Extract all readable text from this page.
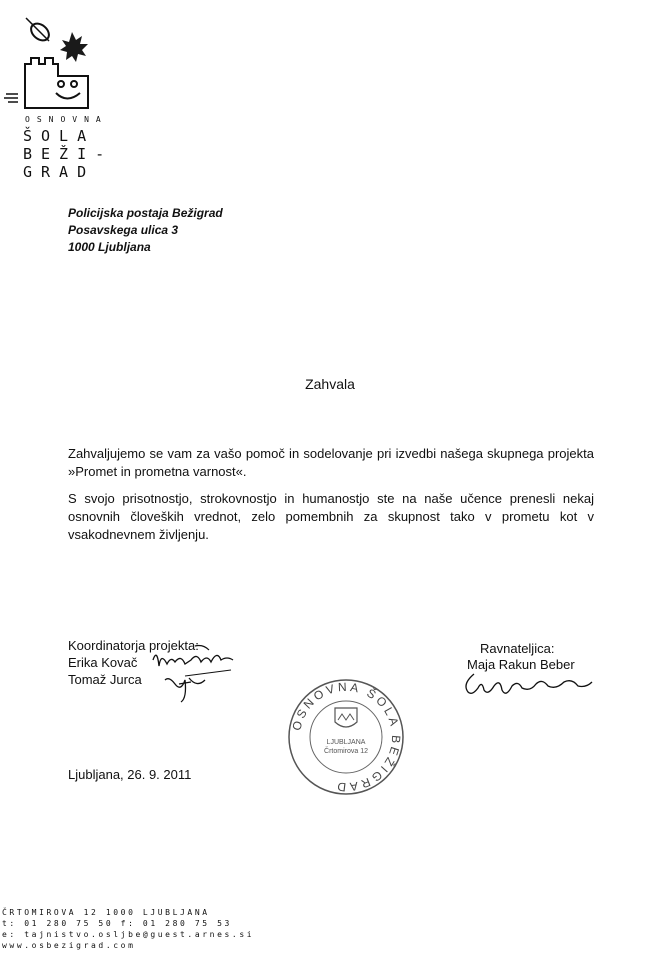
OSNOVNA
ŠOLA
BEŽI-
GRAD
Policijska postaja Bežigrad
Posavskega ulica 3
1000 Ljubljana
Zahvala
Zahvaljujemo se vam za vašo pomoč in sodelovanje pri izvedbi našega skupnega projekta »Promet in prometna varnost«.
S svojo prisotnostjo, strokovnostjo in humanostjo ste na naše učence prenesli nekaj osnovnih človeških vrednot, zelo pomembnih za skupnost tako v prometu kot v vsakodnevnem življenju.
Koordinatorja projekta:
Erika Kovač
Tomaž Jurca
Ravnateljica:
Maja Rakun Beber
OSNOVNA ŠOLA BEŽIGRAD
LJUBLJANA
Črtomirova 12
Ljubljana, 26. 9. 2011
ČRTOMIROVA 12 1000 LJUBLJANA
t: 01 280 75 50 f: 01 280 75 53
e: tajnistvo.osljbe@guest.arnes.si
www.osbezigrad.com
